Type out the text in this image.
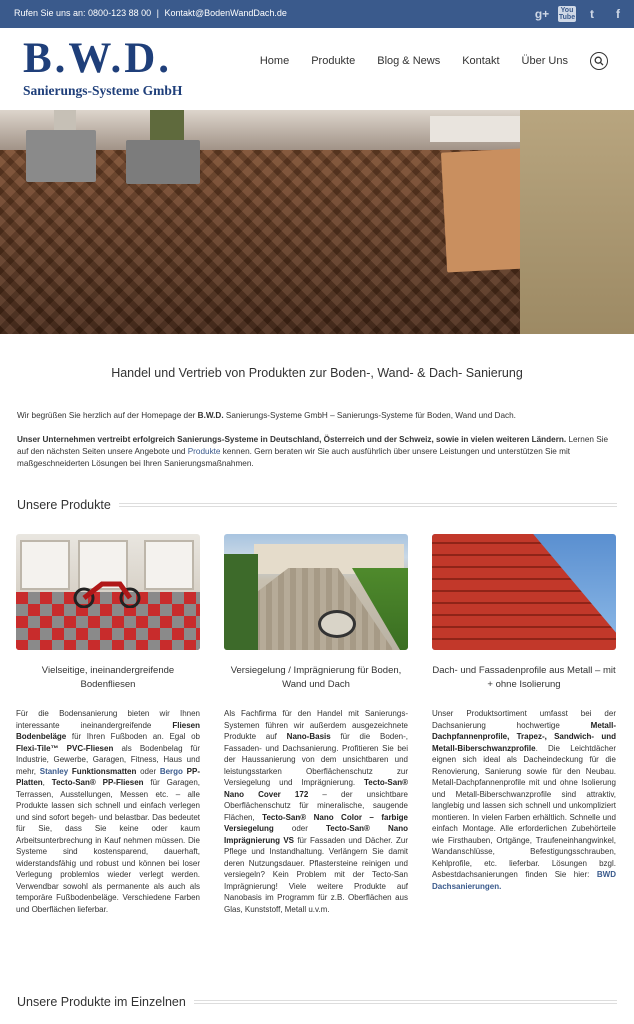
Rufen Sie uns an: 0800-123 88 00 | Kontakt@BodenWandDach.de	g+	You Tube	t	f
B.W.D.
Sanierungs-Systeme GmbH
Home Produkte Blog & News Kontakt Über Uns
Handel und Vertrieb von Produkten zur Boden-, Wand- & Dach- Sanierung

Wir begrüßen Sie herzlich auf der Homepage der B.W.D. Sanierungs-Systeme GmbH – Sanierungs-Systeme für Boden, Wand und Dach.

Unser Unternehmen vertreibt erfolgreich Sanierungs-Systeme in Deutschland, Österreich und der Schweiz, sowie in vielen weiteren Ländern. Lernen Sie auf den nächsten Seiten unsere Angebote und Produkte kennen. Gern beraten wir Sie auch ausführlich über unsere Leistungen und unterstützen Sie mit maßgeschneiderten Lösungen bei Ihren Sanierungsmaßnahmen.

Unsere Produkte
Vielseitige, ineinandergreifende Bodenfliesen

Für die Bodensanierung bieten wir Ihnen interessante ineinandergreifende Fliesen Bodenbeläge für Ihren Fußboden an. Egal ob Flexi-Tile™ PVC-Fliesen als Bodenbelag für Industrie, Gewerbe, Garagen, Fitness, Haus und mehr, Stanley Funktionsmatten oder Bergo PP-Platten, Tecto-San® PP-Fliesen für Garagen, Terrassen, Ausstellungen, Messen etc. – alle Produkte lassen sich schnell und einfach verlegen und sind sofort begeh- und belastbar. Das bedeutet für Sie, dass Sie keine oder kaum Arbeitsunterbrechung in Kauf nehmen müssen. Die Systeme sind kostensparend, dauerhaft, widerstandsfähig und robust und können bei loser Verlegung problemlos wieder verlegt werden. Verwendbar sowohl als permanente als auch als temporäre Fußbodenbeläge. Verschiedene Farben und Oberflächen lieferbar.

Versiegelung / Imprägnierung für Boden, Wand und Dach

Als Fachfirma für den Handel mit Sanierungs-Systemen führen wir außerdem ausgezeichnete Produkte auf Nano-Basis für die Boden-, Fassaden- und Dachsanierung. Profitieren Sie bei der Haussanierung von dem unsichtbaren und leistungsstarken Oberflächenschutz zur Versiegelung und Imprägnierung. Tecto-San® Nano Cover 172 – der unsichtbare Oberflächenschutz für mineralische, saugende Flächen, Tecto-San® Nano Color – farbige Versiegelung oder Tecto-San® Nano Imprägnierung VS für Fassaden und Dächer. Zur Pflege und Instandhaltung. Verlängern Sie damit deren Nutzungsdauer. Pflastersteine reinigen und versiegeln? Kein Problem mit der Tecto-San Imprägnierung! Viele weitere Produkte auf Nanobasis im Programm für z.B. Oberflächen aus Glas, Kunststoff, Metall u.v.m.

Dach- und Fassadenprofile aus Metall – mit + ohne Isolierung

Unser Produktsortiment umfasst bei der Dachsanierung hochwertige Metall-Dachpfannenprofile, Trapez-, Sandwich- und Metall-Biberschwanzprofile. Die Leichtdächer eignen sich ideal als Dacheindeckung für die Renovierung, Sanierung sowie für den Neubau. Metall-Dachpfannenprofile mit und ohne Isolierung und Metall-Biberschwanzprofile sind attraktiv, langlebig und lassen sich schnell und unkompliziert montieren. In vielen Farben erhältlich. Schnelle und einfach Montage. Alle erforderlichen Zubehörteile wie Firsthauben, Ortgänge, Traufeneinhangwinkel, Wandanschlüsse, Befestigungsschrauben, Kehlprofile, etc. lieferbar. Lösungen bzgl. Asbestdachsanierungen finden Sie hier: BWD Dachsanierungen.

Unsere Produkte im Einzelnen
